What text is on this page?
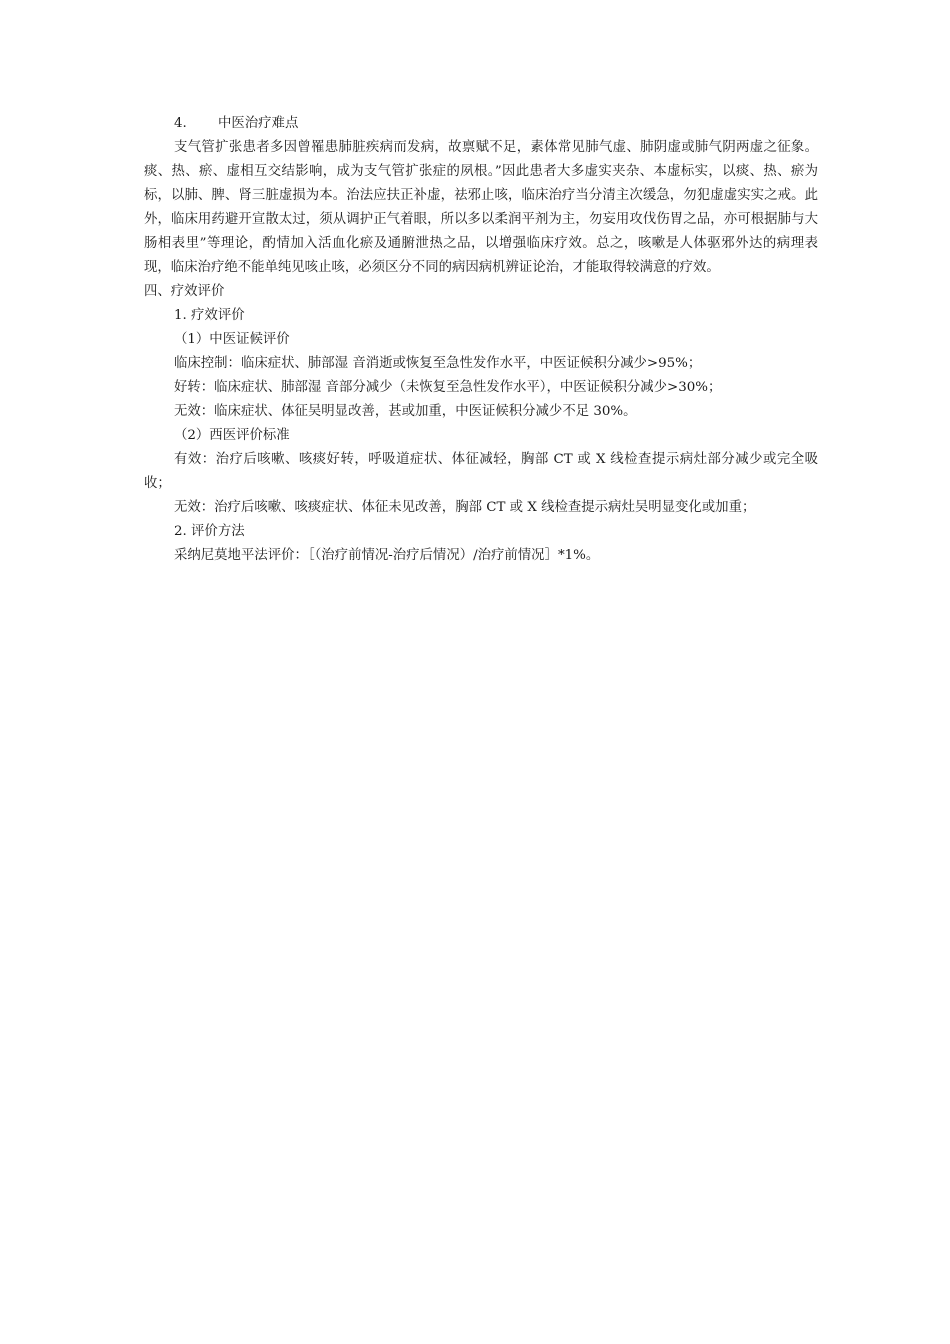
4. 中医治疗难点

支气管扩张患者多因曾罹患肺脏疾病而发病，故禀赋不足，素体常见肺气虚、肺阴虚或肺气阴两虚之征象。痰、热、瘀、虚相互交结影响，成为支气管扩张症的夙根。”因此患者大多虚实夹杂、本虚标实，以痰、热、瘀为标，以肺、脾、肾三脏虚损为本。治法应扶正补虚，祛邪止咳，临床治疗当分清主次缓急，勿犯虚虚实实之戒。此外，临床用药避开宣散太过，须从调护正气着眼，所以多以柔润平剂为主，勿妄用攻伐伤胃之品，亦可根据肺与大肠相表里”等理论，酌情加入活血化瘀及通腑泄热之品，以增强临床疗效。总之，咳嗽是人体驱邪外达的病理表现，临床治疗绝不能单纯见咳止咳，必须区分不同的病因病机辨证论治，才能取得较满意的疗效。

四、疗效评价
1. 疗效评价
（1）中医证候评价
临床控制：临床症状、肺部湿 音消逝或恢复至急性发作水平，中医证候积分减少>95%；
好转：临床症状、肺部湿 音部分减少（未恢复至急性发作水平），中医证候积分减少>30%；
无效：临床症状、体征吴明显改善，甚或加重，中医证候积分减少不足 30%。
（2）西医评价标准

有效：治疗后咳嗽、咳痰好转，呼吸道症状、体征减轻，胸部 CT 或 X 线检查提示病灶部分减少或完全吸收；

无效：治疗后咳嗽、咳痰症状、体征未见改善，胸部 CT 或 X 线检查提示病灶吴明显变化或加重；
2. 评价方法
采纳尼莫地平法评价：［（治疗前情况-治疗后情况）/治疗前情况］*1%。
